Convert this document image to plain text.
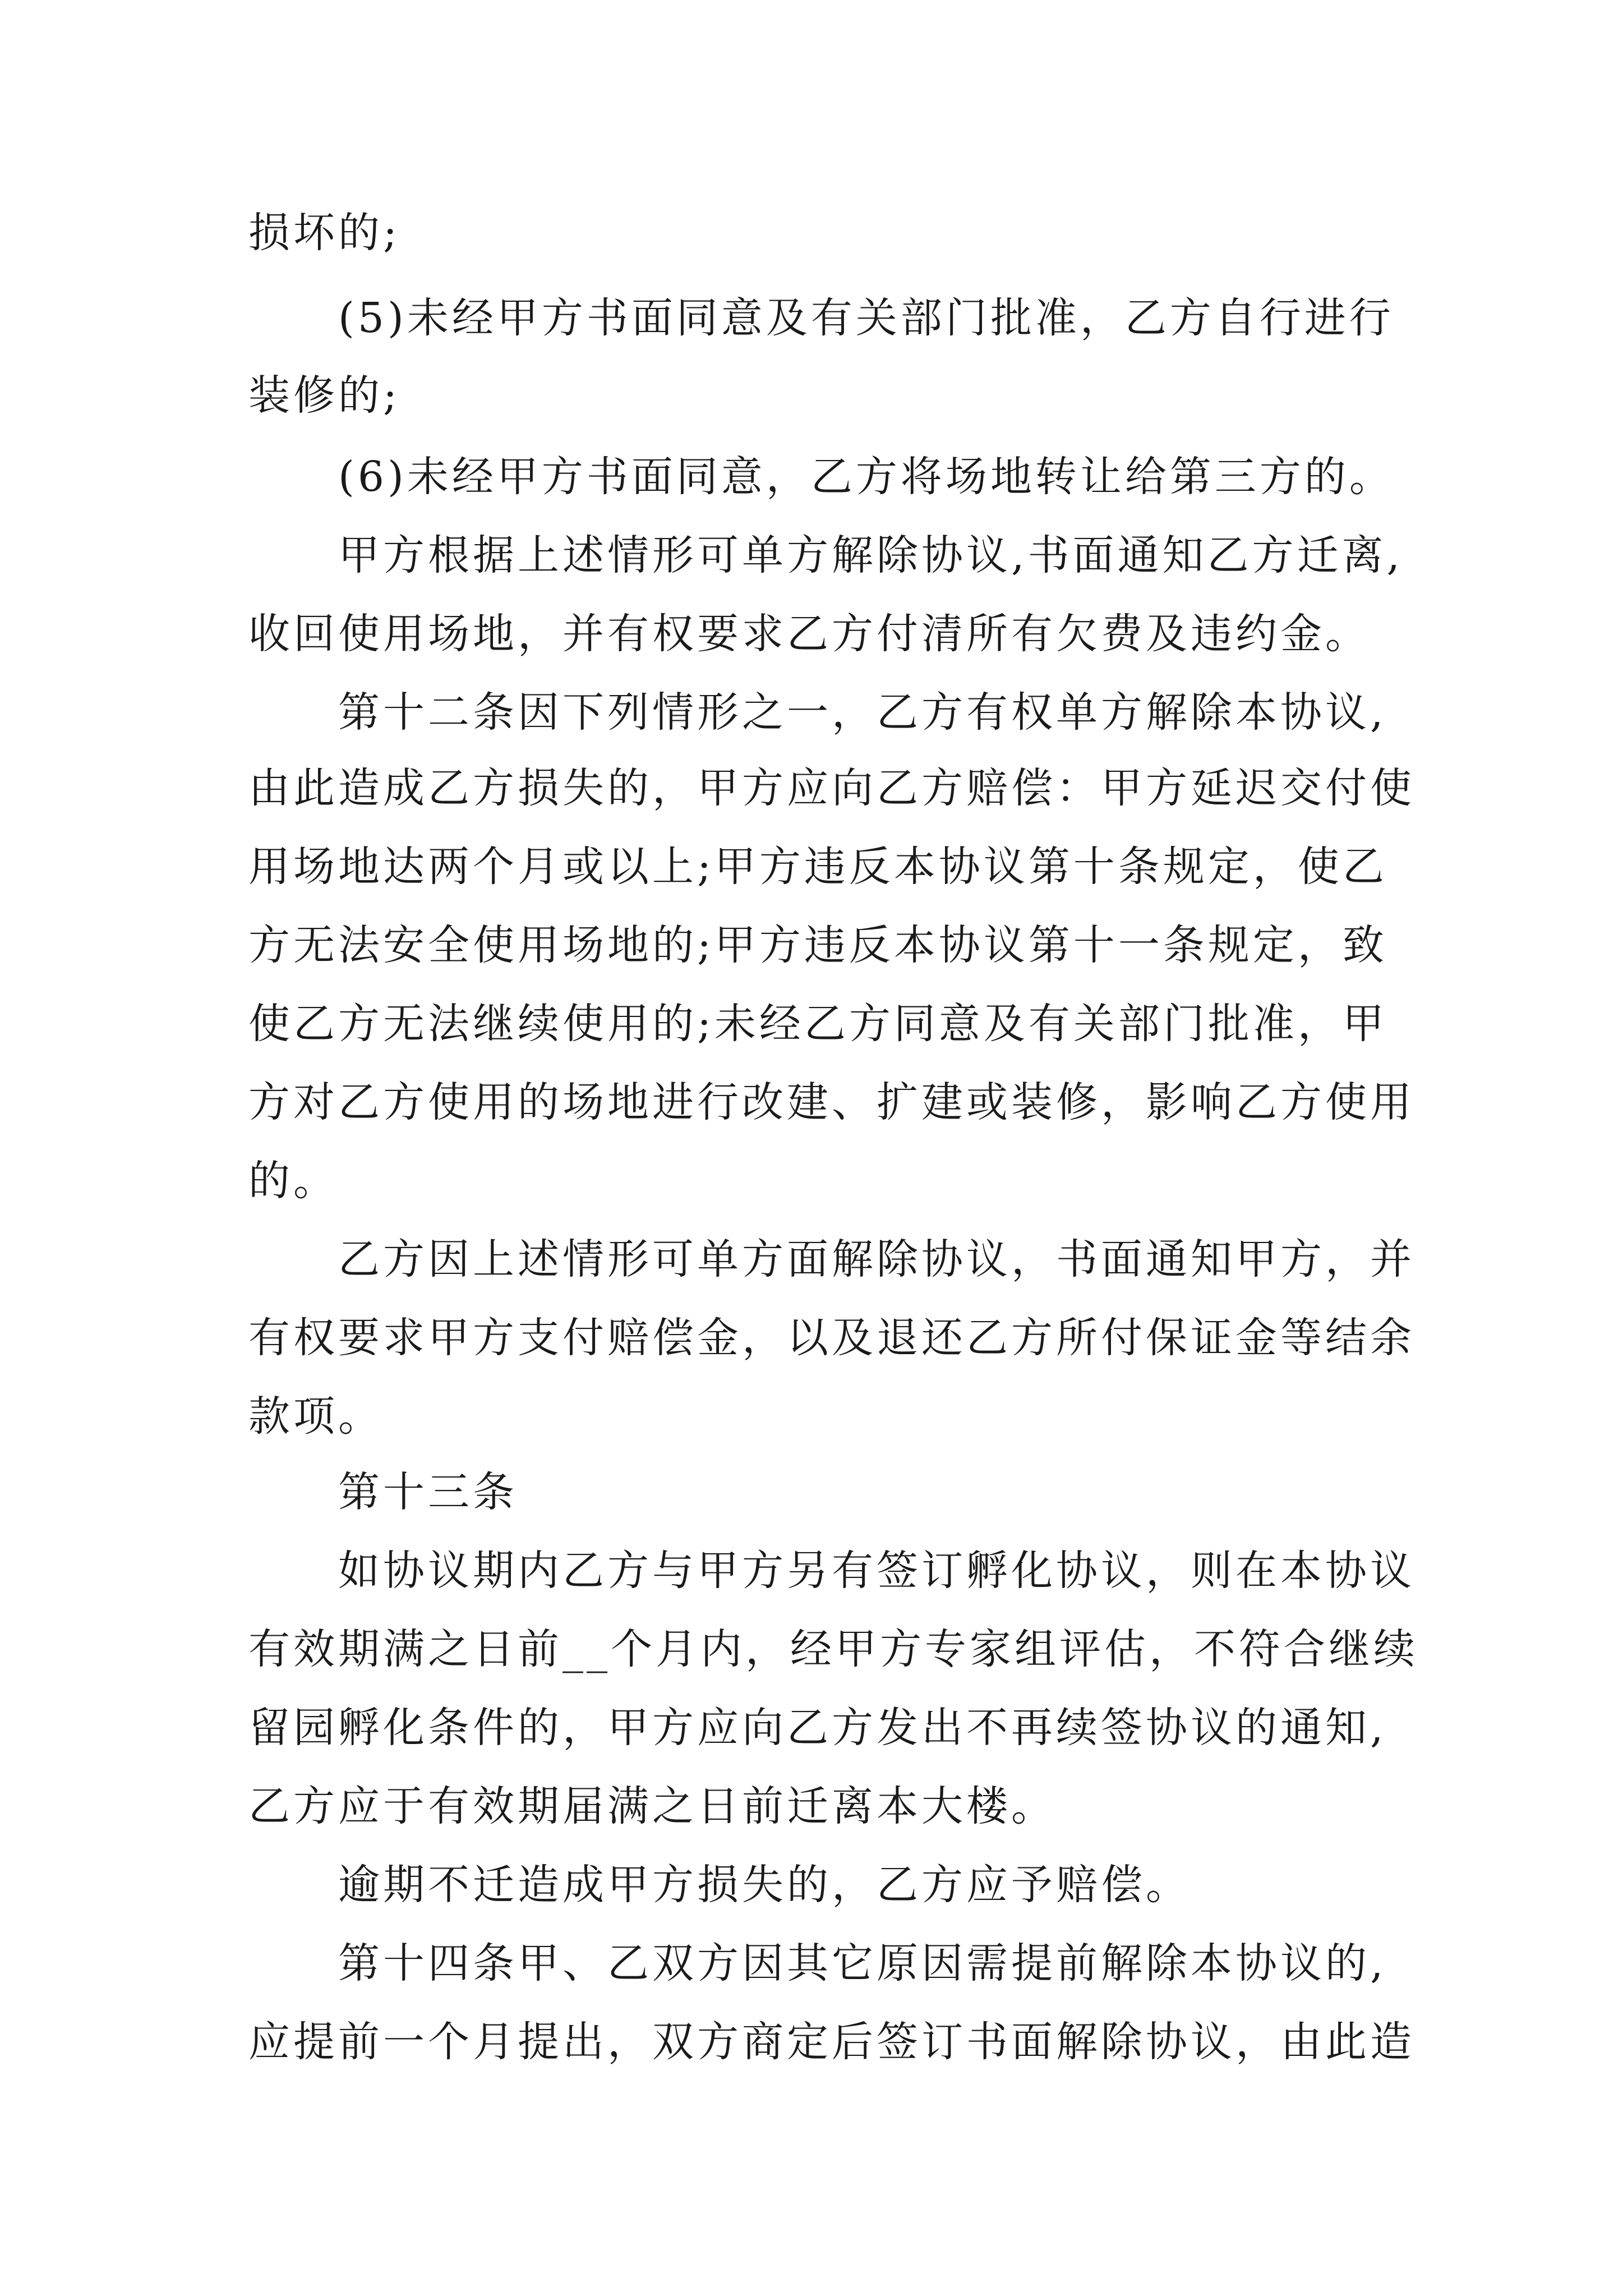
损坏的;
(5)未经甲方书面同意及有关部门批准，乙方自行进行
装修的;
(6)未经甲方书面同意，乙方将场地转让给第三方的。
甲方根据上述情形可单方解除协议,书面通知乙方迁离,
收回使用场地，并有权要求乙方付清所有欠费及违约金。
第十二条因下列情形之一，乙方有权单方解除本协议,
由此造成乙方损失的，甲方应向乙方赔偿：甲方延迟交付使
用场地达两个月或以上;甲方违反本协议第十条规定，使乙
方无法安全使用场地的;甲方违反本协议第十一条规定，致
使乙方无法继续使用的;未经乙方同意及有关部门批准，甲
方对乙方使用的场地进行改建、扩建或装修，影响乙方使用
的。
乙方因上述情形可单方面解除协议，书面通知甲方，并
有权要求甲方支付赔偿金，以及退还乙方所付保证金等结余
款项。
第十三条
如协议期内乙方与甲方另有签订孵化协议，则在本协议
有效期满之日前__个月内，经甲方专家组评估，不符合继续
留园孵化条件的，甲方应向乙方发出不再续签协议的通知,
乙方应于有效期届满之日前迁离本大楼。
逾期不迁造成甲方损失的，乙方应予赔偿。
第十四条甲、乙双方因其它原因需提前解除本协议的,
应提前一个月提出，双方商定后签订书面解除协议，由此造
